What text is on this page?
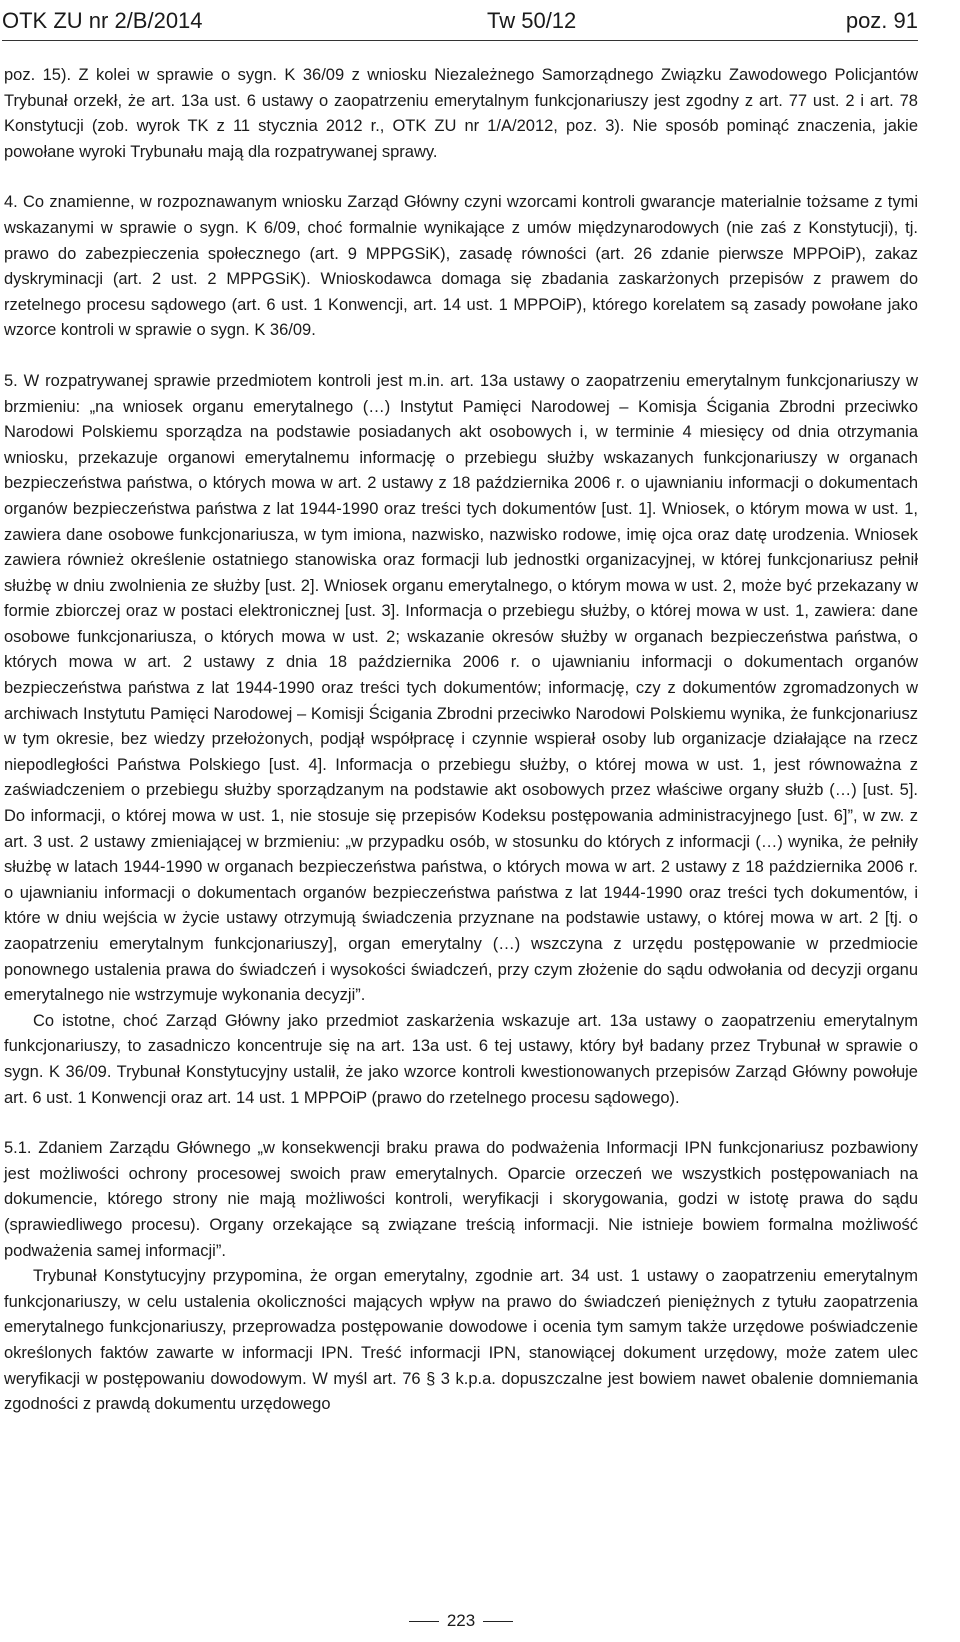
OTK ZU nr 2/B/2014	Tw 50/12	poz. 91

poz. 15). Z kolei w sprawie o sygn. K 36/09 z wniosku Niezależnego Samorządnego Związku Zawodowego Policjantów Trybunał orzekł, że art. 13a ust. 6 ustawy o zaopatrzeniu emerytalnym funkcjonariuszy jest zgodny z art. 77 ust. 2 i art. 78 Konstytucji (zob. wyrok TK z 11 stycznia 2012 r., OTK ZU nr 1/A/2012, poz. 3). Nie sposób pominąć znaczenia, jakie powołane wyroki Trybunału mają dla rozpatrywanej sprawy.

4. Co znamienne, w rozpoznawanym wniosku Zarząd Główny czyni wzorcami kontroli gwarancje materialnie tożsame z tymi wskazanymi w sprawie o sygn. K 6/09, choć formalnie wynikające z umów międzynarodowych (nie zaś z Konstytucji), tj. prawo do zabezpieczenia społecznego (art. 9 MPPGSiK), zasadę równości (art. 26 zdanie pierwsze MPPOiP), zakaz dyskryminacji (art. 2 ust. 2 MPPGSiK). Wnioskodawca domaga się zbadania zaskarżonych przepisów z prawem do rzetelnego procesu sądowego (art. 6 ust. 1 Konwencji, art. 14 ust. 1 MPPOiP), którego korelatem są zasady powołane jako wzorce kontroli w sprawie o sygn. K 36/09.

5. W rozpatrywanej sprawie przedmiotem kontroli jest m.in. art. 13a ustawy o zaopatrzeniu emerytalnym funkcjonariuszy w brzmieniu: „na wniosek organu emerytalnego (…) Instytut Pamięci Narodowej – Komisja Ścigania Zbrodni przeciwko Narodowi Polskiemu sporządza na podstawie posiadanych akt osobowych i, w terminie 4 miesięcy od dnia otrzymania wniosku, przekazuje organowi emerytalnemu informację o przebiegu służby wskazanych funkcjonariuszy w organach bezpieczeństwa państwa, o których mowa w art. 2 ustawy z 18 października 2006 r. o ujawnianiu informacji o dokumentach organów bezpieczeństwa państwa z lat 1944-1990 oraz treści tych dokumentów [ust. 1]. Wniosek, o którym mowa w ust. 1, zawiera dane osobowe funkcjonariusza, w tym imiona, nazwisko, nazwisko rodowe, imię ojca oraz datę urodzenia. Wniosek zawiera również określenie ostatniego stanowiska oraz formacji lub jednostki organizacyjnej, w której funkcjonariusz pełnił służbę w dniu zwolnienia ze służby [ust. 2]. Wniosek organu emerytalnego, o którym mowa w ust. 2, może być przekazany w formie zbiorczej oraz w postaci elektronicznej [ust. 3]. Informacja o przebiegu służby, o której mowa w ust. 1, zawiera: dane osobowe funkcjonariusza, o których mowa w ust. 2; wskazanie okresów służby w organach bezpieczeństwa państwa, o których mowa w art. 2 ustawy z dnia 18 października 2006 r. o ujawnianiu informacji o dokumentach organów bezpieczeństwa państwa z lat 1944-1990 oraz treści tych dokumentów; informację, czy z dokumentów zgromadzonych w archiwach Instytutu Pamięci Narodowej – Komisji Ścigania Zbrodni przeciwko Narodowi Polskiemu wynika, że funkcjonariusz w tym okresie, bez wiedzy przełożonych, podjął współpracę i czynnie wspierał osoby lub organizacje działające na rzecz niepodległości Państwa Polskiego [ust. 4]. Informacja o przebiegu służby, o której mowa w ust. 1, jest równoważna z zaświadczeniem o przebiegu służby sporządzanym na podstawie akt osobowych przez właściwe organy służb (…) [ust. 5]. Do informacji, o której mowa w ust. 1, nie stosuje się przepisów Kodeksu postępowania administracyjnego [ust. 6]”, w zw. z art. 3 ust. 2 ustawy zmieniającej w brzmieniu: „w przypadku osób, w stosunku do których z informacji (…) wynika, że pełniły służbę w latach 1944-1990 w organach bezpieczeństwa państwa, o których mowa w art. 2 ustawy z 18 października 2006 r. o ujawnianiu informacji o dokumentach organów bezpieczeństwa państwa z lat 1944-1990 oraz treści tych dokumentów, i które w dniu wejścia w życie ustawy otrzymują świadczenia przyznane na podstawie ustawy, o której mowa w art. 2 [tj. o zaopatrzeniu emerytalnym funkcjonariuszy], organ emerytalny (…) wszczyna z urzędu postępowanie w przedmiocie ponownego ustalenia prawa do świadczeń i wysokości świadczeń, przy czym złożenie do sądu odwołania od decyzji organu emerytalnego nie wstrzymuje wykonania decyzji”.

Co istotne, choć Zarząd Główny jako przedmiot zaskarżenia wskazuje art. 13a ustawy o zaopatrzeniu emerytalnym funkcjonariuszy, to zasadniczo koncentruje się na art. 13a ust. 6 tej ustawy, który był badany przez Trybunał w sprawie o sygn. K 36/09. Trybunał Konstytucyjny ustalił, że jako wzorce kontroli kwestionowanych przepisów Zarząd Główny powołuje art. 6 ust. 1 Konwencji oraz art. 14 ust. 1 MPPOiP (prawo do rzetelnego procesu sądowego).

5.1. Zdaniem Zarządu Głównego „w konsekwencji braku prawa do podważenia Informacji IPN funkcjonariusz pozbawiony jest możliwości ochrony procesowej swoich praw emerytalnych. Oparcie orzeczeń we wszystkich postępowaniach na dokumencie, którego strony nie mają możliwości kontroli, weryfikacji i skorygowania, godzi w istotę prawa do sądu (sprawiedliwego procesu). Organy orzekające są związane treścią informacji. Nie istnieje bowiem formalna możliwość podważenia samej informacji”.

Trybunał Konstytucyjny przypomina, że organ emerytalny, zgodnie art. 34 ust. 1 ustawy o zaopatrzeniu emerytalnym funkcjonariuszy, w celu ustalenia okoliczności mających wpływ na prawo do świadczeń pieniężnych z tytułu zaopatrzenia emerytalnego funkcjonariuszy, przeprowadza postępowanie dowodowe i ocenia tym samym także urzędowe poświadczenie określonych faktów zawarte w informacji IPN. Treść informacji IPN, stanowiącej dokument urzędowy, może zatem ulec weryfikacji w postępowaniu dowodowym. W myśl art. 76 § 3 k.p.a. dopuszczalne jest bowiem nawet obalenie domniemania zgodności z prawdą dokumentu urzędowego

223
